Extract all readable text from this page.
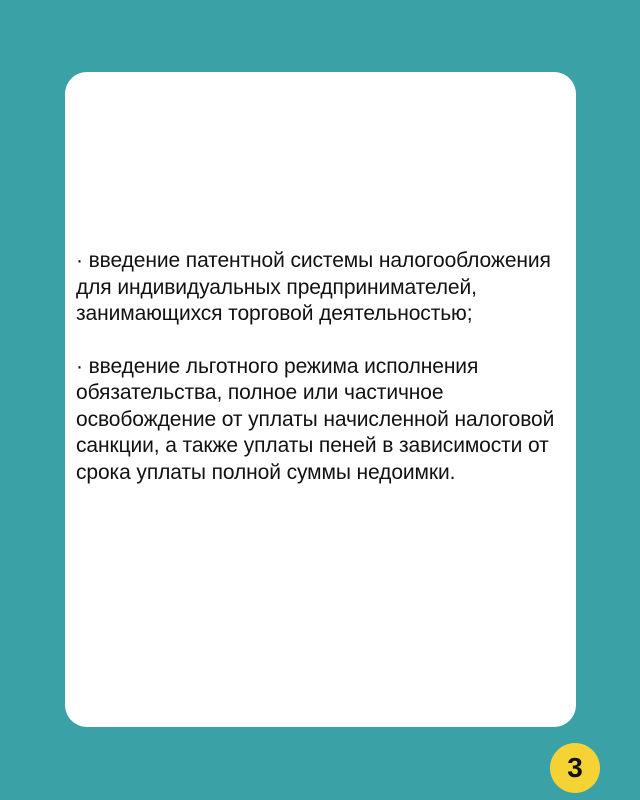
· введение патентной системы налогообложения для индивидуальных предпринимателей, занимающихся торговой деятельностью;

· введение льготного режима исполнения обязательства, полное или частичное освобождение от уплаты начисленной налоговой санкции, а также уплаты пеней в зависимости от срока уплаты полной суммы недоимки.

3
